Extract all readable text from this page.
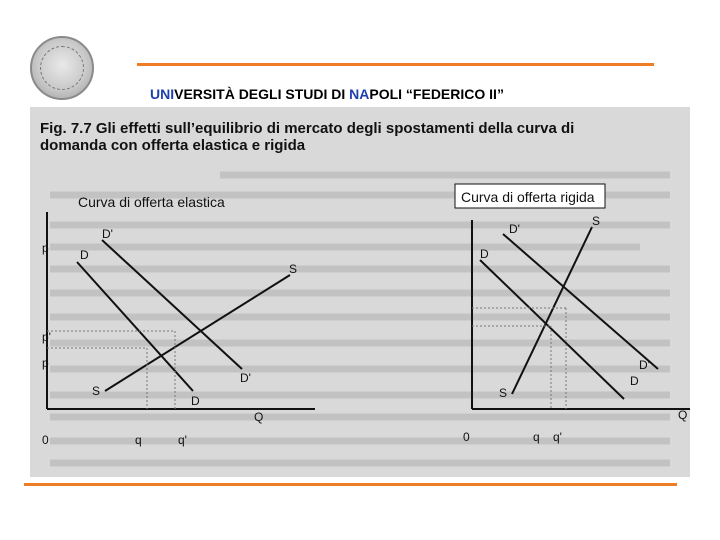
UNIVERSITÀ DEGLI STUDI DI NAPOLI “FEDERICO II”
Fig. 7.7 Gli effetti sull’equilibrio di mercato degli spostamenti della curva di
domanda con offerta elastica e rigida
Curva di offerta elastica
D'
D
S
D'
D
S
p
p'
p
0	q	q'
Q
Curva di offerta rigida
D'
D
S
D'
D
S
0	q q'
Q
